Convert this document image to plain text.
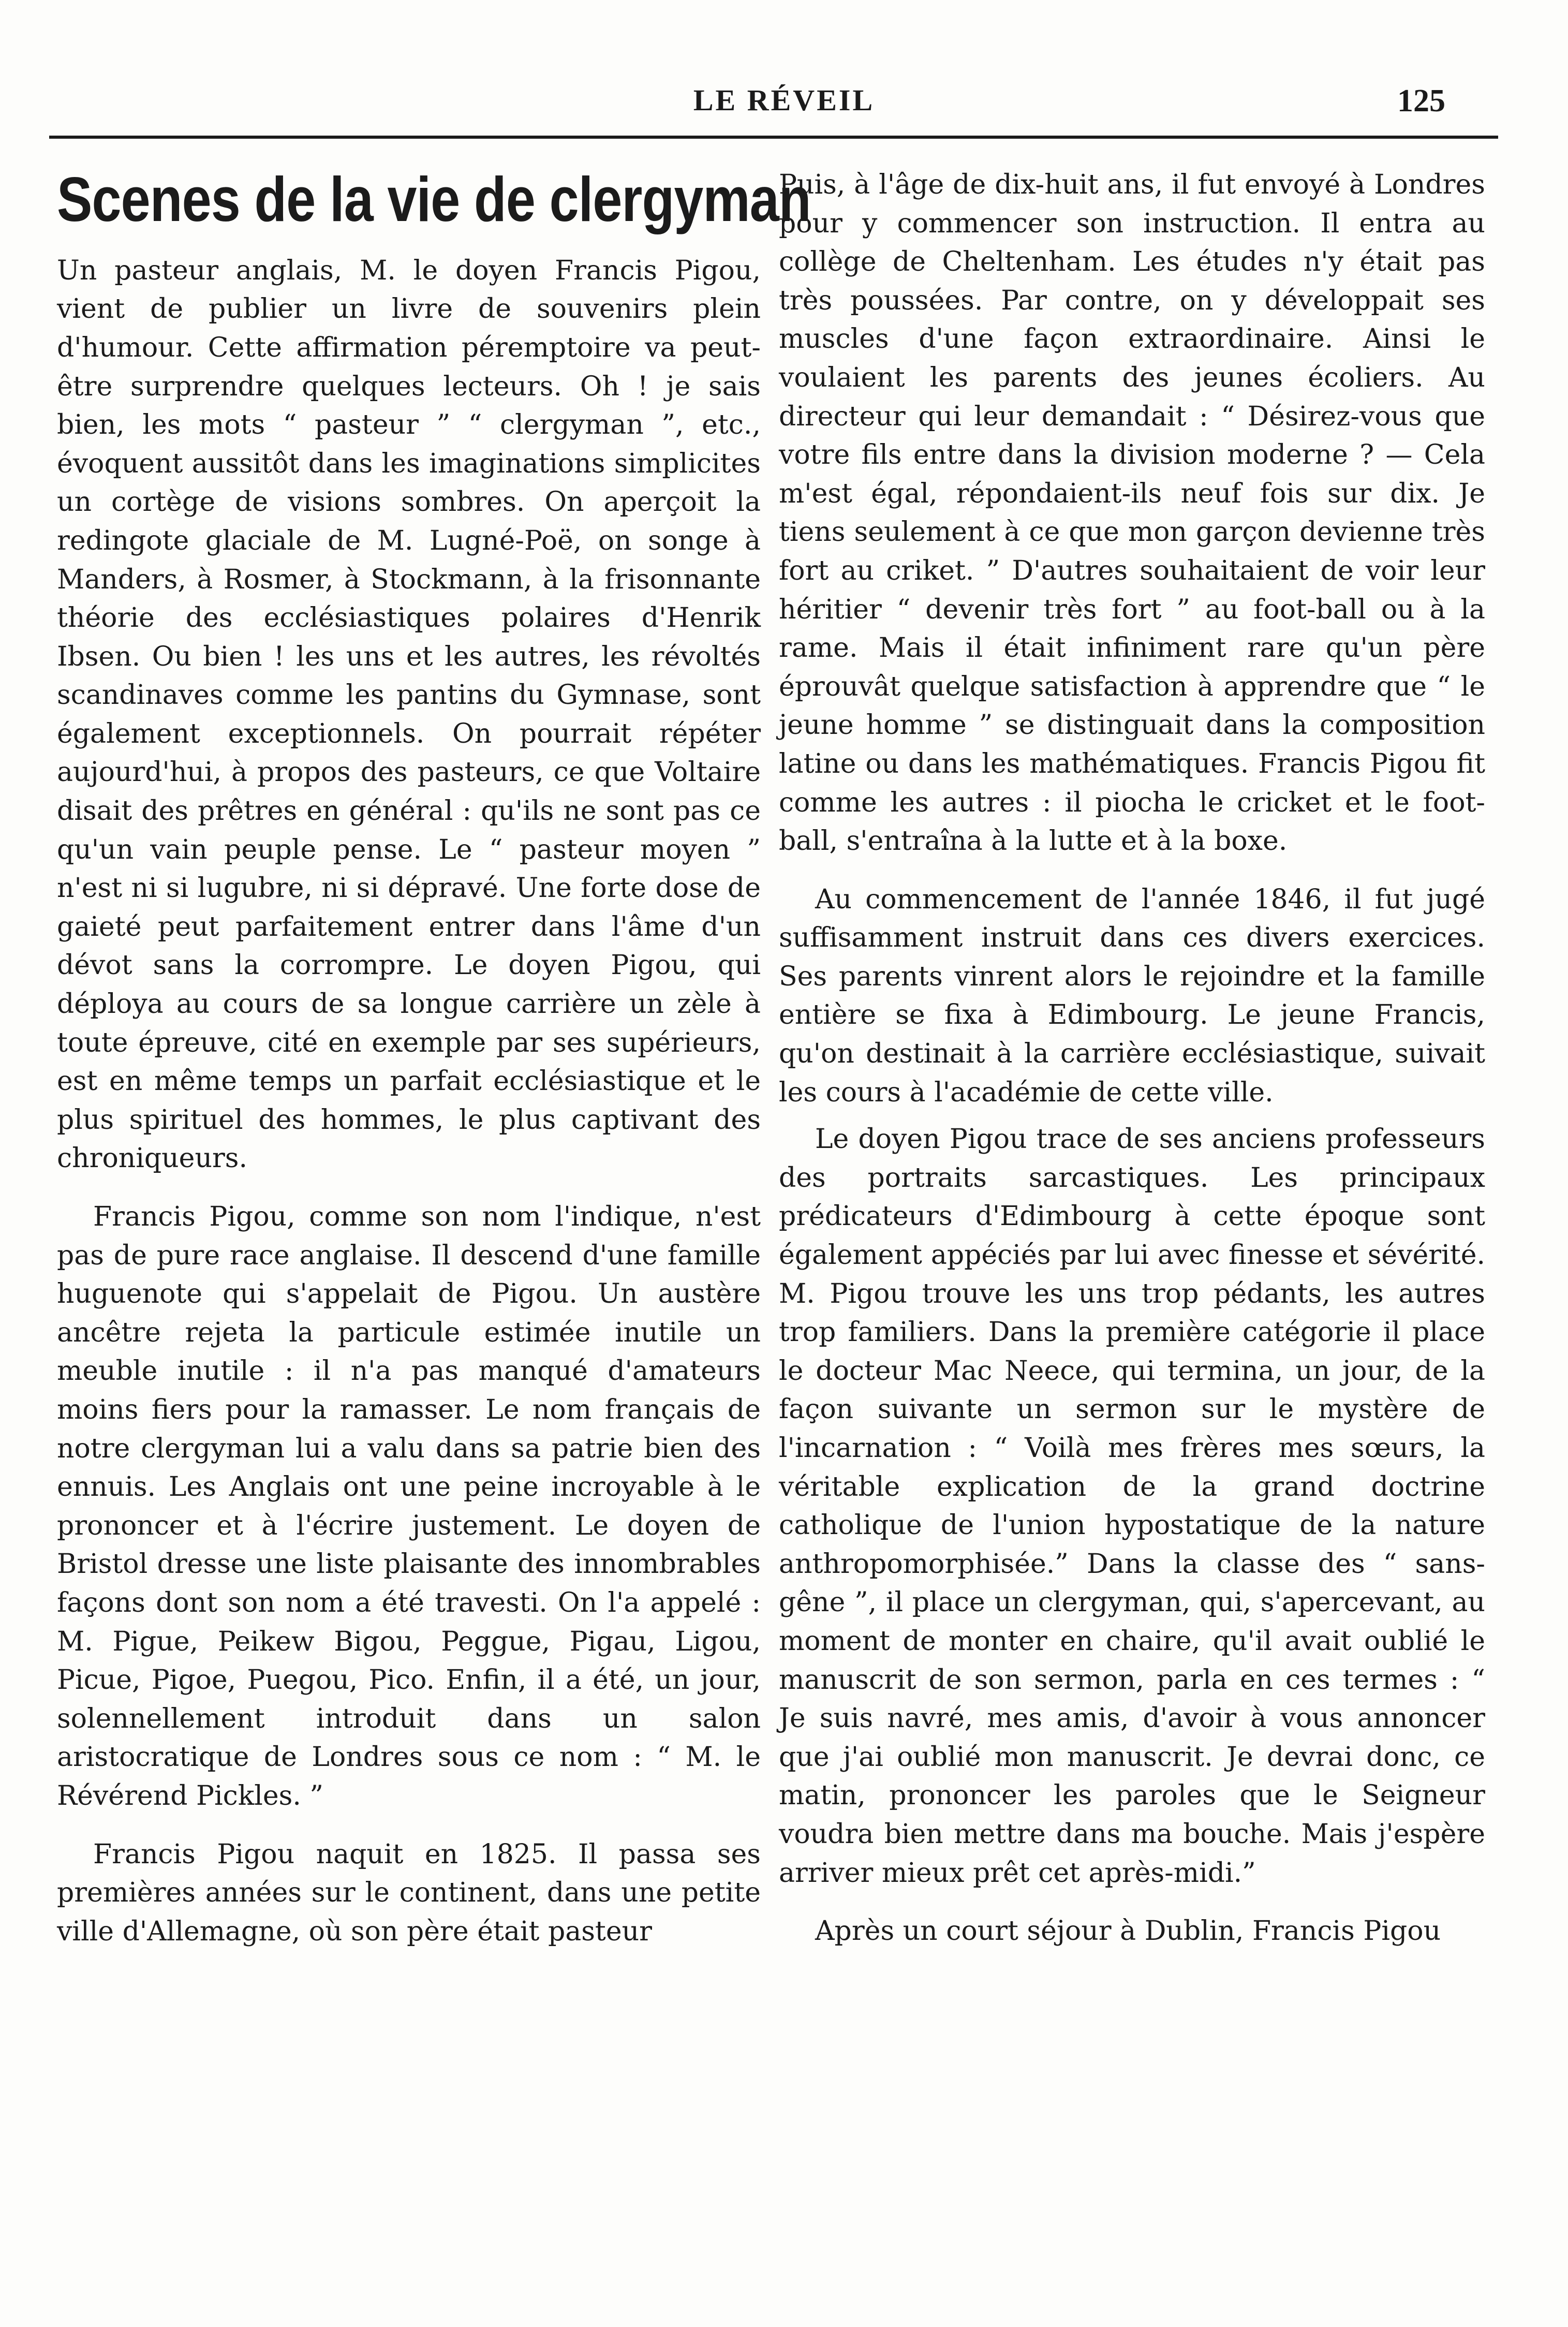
LE RÉVEIL	125
Scenes de la vie de clergyman

Un pasteur anglais, M. le doyen Francis Pigou, vient de publier un livre de souvenirs plein d'humour. Cette affirmation péremptoire va peut-être surprendre quelques lecteurs. Oh ! je sais bien, les mots “ pasteur ” “ clergyman ”, etc., évoquent aussitôt dans les imaginations simplicites un cortège de visions sombres. On aperçoit la redingote glaciale de M. Lugné-Poë, on songe à Manders, à Rosmer, à Stockmann, à la frisonnante théorie des ecclésiastiques polaires d'Henrik Ibsen. Ou bien ! les uns et les autres, les révoltés scandinaves comme les pantins du Gymnase, sont également exceptionnels. On pourrait répéter aujourd'hui, à propos des pasteurs, ce que Voltaire disait des prêtres en général : qu'ils ne sont pas ce qu'un vain peuple pense. Le “ pasteur moyen ” n'est ni si lugubre, ni si dépravé. Une forte dose de gaieté peut parfaitement entrer dans l'âme d'un dévot sans la corrompre. Le doyen Pigou, qui déploya au cours de sa longue carrière un zèle à toute épreuve, cité en exemple par ses supérieurs, est en même temps un parfait ecclésiastique et le plus spirituel des hommes, le plus captivant des chroniqueurs.

Francis Pigou, comme son nom l'indique, n'est pas de pure race anglaise. Il descend d'une famille huguenote qui s'appelait de Pigou. Un austère ancêtre rejeta la particule estimée inutile un meuble inutile : il n'a pas manqué d'amateurs moins fiers pour la ramasser. Le nom français de notre clergyman lui a valu dans sa patrie bien des ennuis. Les Anglais ont une peine incroyable à le prononcer et à l'écrire justement. Le doyen de Bristol dresse une liste plaisante des innombrables façons dont son nom a été travesti. On l'a appelé : M. Pigue, Peikew Bigou, Peggue, Pigau, Ligou, Picue, Pigoe, Puegou, Pico. Enfin, il a été, un jour, solennellement introduit dans un salon aristocratique de Londres sous ce nom : “ M. le Révérend Pickles. ”

Francis Pigou naquit en 1825. Il passa ses premières années sur le continent, dans une petite ville d'Allemagne, où son père était pasteur

Puis, à l'âge de dix-huit ans, il fut envoyé à Londres pour y commencer son instruction. Il entra au collège de Cheltenham. Les études n'y était pas très poussées. Par contre, on y développait ses muscles d'une façon extraordinaire. Ainsi le voulaient les parents des jeunes écoliers. Au directeur qui leur demandait : “ Désirez-vous que votre fils entre dans la division moderne ? — Cela m'est égal, répondaient-ils neuf fois sur dix. Je tiens seulement à ce que mon garçon devienne très fort au criket. ” D'autres souhaitaient de voir leur héritier “ devenir très fort ” au foot-ball ou à la rame. Mais il était infiniment rare qu'un père éprouvât quelque satisfaction à apprendre que “ le jeune homme ” se distinguait dans la composition latine ou dans les mathématiques. Francis Pigou fit comme les autres : il piocha le cricket et le foot-ball, s'entraîna à la lutte et à la boxe.

Au commencement de l'année 1846, il fut jugé suffisamment instruit dans ces divers exercices. Ses parents vinrent alors le rejoindre et la famille entière se fixa à Edimbourg. Le jeune Francis, qu'on destinait à la carrière ecclésiastique, suivait les cours à l'académie de cette ville.

Le doyen Pigou trace de ses anciens professeurs des portraits sarcastiques. Les principaux prédicateurs d'Edimbourg à cette époque sont également appéciés par lui avec finesse et sévérité. M. Pigou trouve les uns trop pédants, les autres trop familiers. Dans la première catégorie il place le docteur Mac Neece, qui termina, un jour, de la façon suivante un sermon sur le mystère de l'incarnation : “ Voilà mes frères mes sœurs, la véritable explication de la grand doctrine catholique de l'union hypostatique de la nature anthropomorphisée.” Dans la classe des “ sans-gêne ”, il place un clergyman, qui, s'apercevant, au moment de monter en chaire, qu'il avait oublié le manuscrit de son sermon, parla en ces termes : “ Je suis navré, mes amis, d'avoir à vous annoncer que j'ai oublié mon manuscrit. Je devrai donc, ce matin, prononcer les paroles que le Seigneur voudra bien mettre dans ma bouche. Mais j'espère arriver mieux prêt cet après-midi.”

Après un court séjour à Dublin, Francis Pigou
